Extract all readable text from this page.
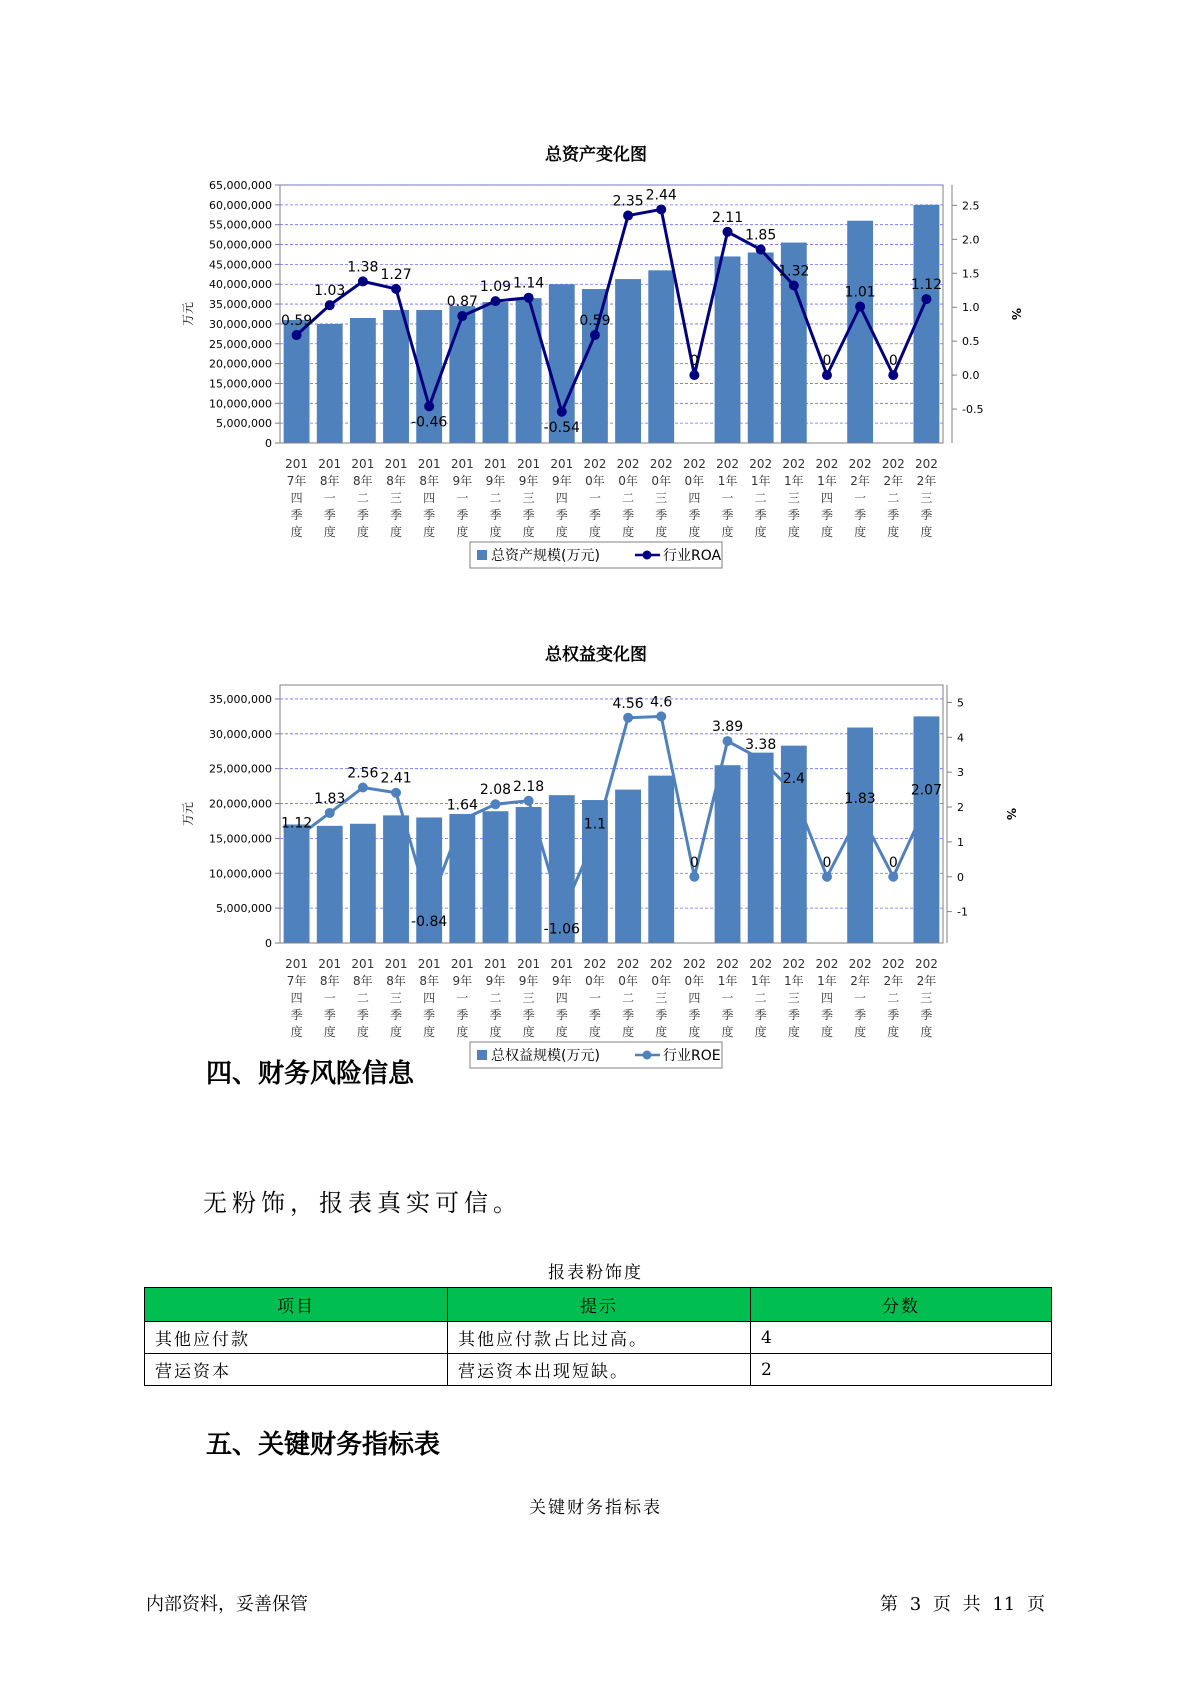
总资产变化图
65,000,000
60,000,000
55,000,000
50,000,000
45,000,000
40,000,000
35,000,000
30,000,000
25,000,000
20,000,000
15,000,000
10,000,000
5,000,000
0
2.5
2.0
1.5
1.0
0.5
0.0
-0.5
万元	%
0.59
1.03
1.38 1.27
-0.46
0.87
1.09 1.14
-0.54
0.59
2.35 2.44
0
2.11
1.85
1.32
0
1.01
0
1.12
201
7年
四
季
度
201
8年
一
季
度
201
8年
二
季
度
201
8年
三
季
度
201
8年
四
季
度
201
9年
一
季
度
201
9年
二
季
度
201
9年
三
季
度
201
9年
四
季
度
202
0年
一
季
度
202
0年
二
季
度
202
0年
三
季
度
202
0年
四
季
度
202
1年
一
季
度
202
1年
二
季
度
202
1年
三
季
度
202
1年
四
季
度
202
2年
一
季
度
202
2年
二
季
度
202
2年
三
季
度
总资产规模(万元)	行业ROA
总权益变化图
35,000,000
30,000,000
25,000,000
20,000,000
15,000,000
10,000,000
5,000,000
0
5
4
3
2
1
0
-1
万元	%
1.12
1.83
2.56 2.41
-0.84
1.64
2.08 2.18
-1.06
1.1
4.56 4.6
0
3.89
3.38
2.4
0
1.83
0
2.07
201
7年
四
季
度
201
8年
一
季
度
201
8年
二
季
度
201
8年
三
季
度
201
8年
四
季
度
201
9年
一
季
度
201
9年
二
季
度
201
9年
三
季
度
201
9年
四
季
度
202
0年
一
季
度
202
0年
二
季
度
202
0年
三
季
度
202
0年
四
季
度
202
1年
一
季
度
202
1年
二
季
度
202
1年
三
季
度
202
1年
四
季
度
202
2年
一
季
度
202
2年
二
季
度
202
2年
三
季
度
总权益规模(万元)	行业ROE
四、财务风险信息
无粉饰，报表真实可信。
报表粉饰度
项目	提示	分数
其他应付款	其他应付款占比过高。	4
营运资本	营运资本出现短缺。	2
五、关键财务指标表
关键财务指标表
内部资料，妥善保管	第 3 页 共 11 页
